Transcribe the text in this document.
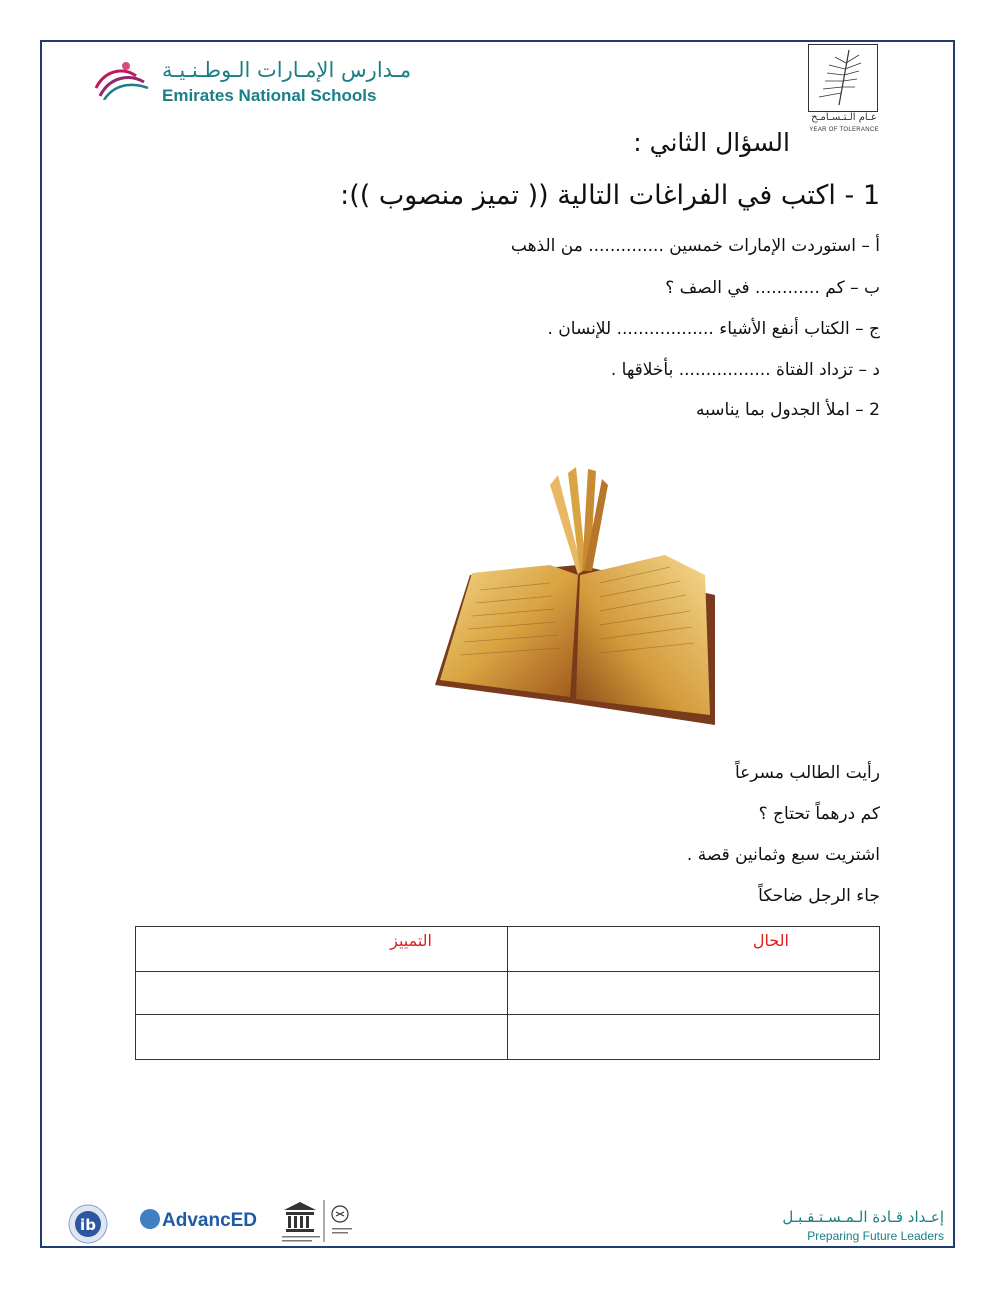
مـدارس الإمـارات الـوطـنـيـة
Emirates National Schools
عـام الـتـسـامـح
YEAR OF TOLERANCE
السؤال الثاني :
1 - اكتب في الفراغات التالية (( تميز منصوب )):
أ – استوردت الإمارات خمسين .............. من الذهب
ب – كم ............ في الصف ؟
ج – الكتاب أنفع الأشياء .................. للإنسان .
د – تزداد الفتاة ................. بأخلاقها .
2 – املأ الجدول بما يناسبه
رأيت الطالب مسرعاً
كم درهماً تحتاج ؟
اشتريت سبع وثمانين قصة .
جاء الرجل ضاحكاً
التمييز	الحال

ib	AdvancED	إعـداد قـادة الـمـسـتـقـبـل
Preparing Future Leaders
